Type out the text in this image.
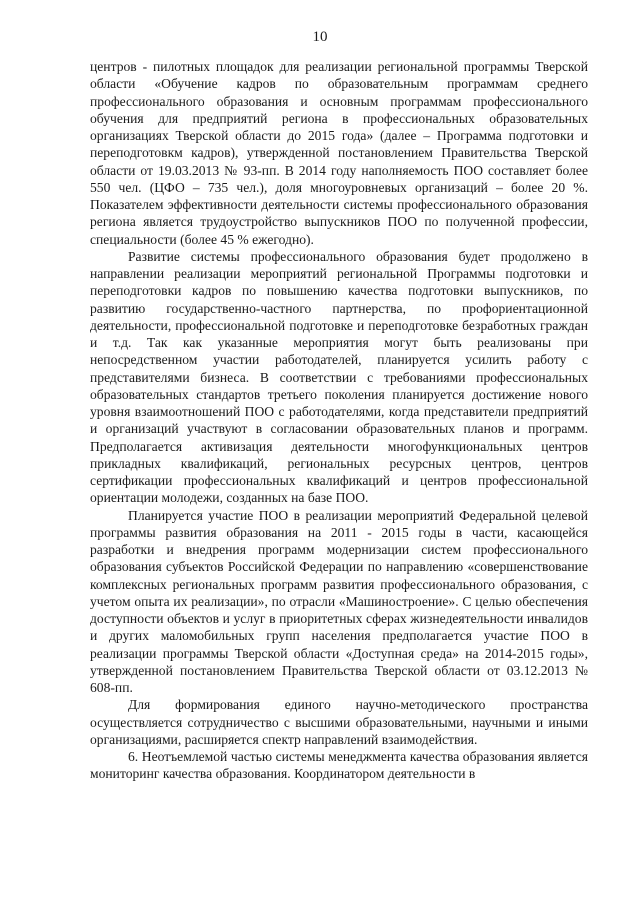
10

центров - пилотных площадок для реализации региональной программы Тверской области «Обучение кадров по образовательным программам среднего профессионального образования и основным программам профессионального обучения для предприятий региона в профессиональных образовательных организациях Тверской области до 2015 года» (далее – Программа подготовки и переподготовкм кадров), утвержденной постановлением Правительства Тверской области от 19.03.2013 № 93-пп. В 2014 году наполняемость ПОО составляет более 550 чел. (ЦФО – 735 чел.), доля многоуровневых организаций – более 20 %. Показателем эффективности деятельности системы профессионального образования региона является трудоустройство выпускников ПОО по полученной профессии, специальности (более 45 % ежегодно).

Развитие системы профессионального образования будет продолжено в направлении реализации мероприятий региональной Программы подготовки и переподготовки кадров по повышению качества подготовки выпускников, по развитию государственно-частного партнерства, по профориентационной деятельности, профессиональной подготовке и переподготовке безработных граждан и т.д. Так как указанные мероприятия могут быть реализованы при непосредственном участии работодателей, планируется усилить работу с представителями бизнеса. В соответствии с требованиями профессиональных образовательных стандартов третьего поколения планируется достижение нового уровня взаимоотношений ПОО с работодателями, когда представители предприятий и организаций участвуют в согласовании образовательных планов и программ. Предполагается активизация деятельности многофункциональных центров прикладных квалификаций, региональных ресурсных центров, центров сертификации профессиональных квалификаций и центров профессиональной ориентации молодежи, созданных на базе ПОО.

Планируется участие ПОО в реализации мероприятий Федеральной целевой программы развития образования на 2011 - 2015 годы в части, касающейся разработки и внедрения программ модернизации систем профессионального образования субъектов Российской Федерации по направлению «совершенствование комплексных региональных программ развития профессионального образования, с учетом опыта их реализации», по отрасли «Машиностроение». С целью обеспечения доступности объектов и услуг в приоритетных сферах жизнедеятельности инвалидов и других маломобильных групп населения предполагается участие ПОО в реализации программы Тверской области «Доступная среда» на 2014-2015 годы», утвержденной постановлением Правительства Тверской области от 03.12.2013 № 608-пп.

Для формирования единого научно-методического пространства осуществляется сотрудничество с высшими образовательными, научными и иными организациями, расширяется спектр направлений взаимодействия.

6. Неотъемлемой частью системы менеджмента качества образования является мониторинг качества образования. Координатором деятельности в
